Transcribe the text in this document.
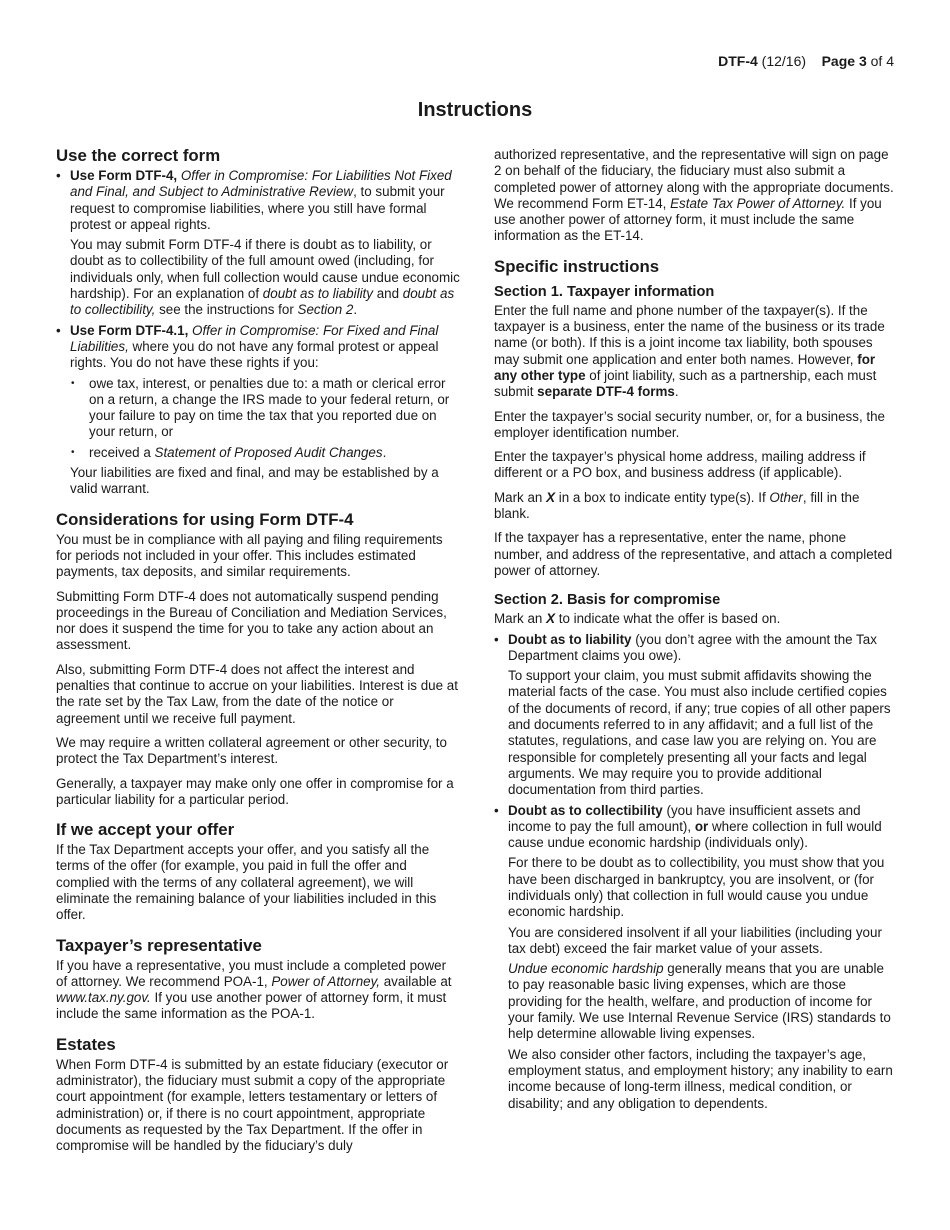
DTF-4 (12/16) Page 3 of 4
Instructions
Use the correct form

• Use Form DTF-4, Offer in Compromise: For Liabilities Not Fixed and Final, and Subject to Administrative Review, to submit your request to compromise liabilities, where you still have formal protest or appeal rights.

You may submit Form DTF-4 if there is doubt as to liability, or doubt as to collectibility of the full amount owed (including, for individuals only, when full collection would cause undue economic hardship). For an explanation of doubt as to liability and doubt as to collectibility, see the instructions for Section 2.

• Use Form DTF-4.1, Offer in Compromise: For Fixed and Final Liabilities, where you do not have any formal protest or appeal rights. You do not have these rights if you:

• owe tax, interest, or penalties due to: a math or clerical error on a return, a change the IRS made to your federal return, or your failure to pay on time the tax that you reported due on your return, or

• received a Statement of Proposed Audit Changes.

Your liabilities are fixed and final, and may be established by a valid warrant.

Considerations for using Form DTF-4

You must be in compliance with all paying and filing requirements for periods not included in your offer. This includes estimated payments, tax deposits, and similar requirements.

Submitting Form DTF-4 does not automatically suspend pending proceedings in the Bureau of Conciliation and Mediation Services, nor does it suspend the time for you to take any action about an assessment.

Also, submitting Form DTF-4 does not affect the interest and penalties that continue to accrue on your liabilities. Interest is due at the rate set by the Tax Law, from the date of the notice or agreement until we receive full payment.

We may require a written collateral agreement or other security, to protect the Tax Department’s interest.

Generally, a taxpayer may make only one offer in compromise for a particular liability for a particular period.

If we accept your offer

If the Tax Department accepts your offer, and you satisfy all the terms of the offer (for example, you paid in full the offer and complied with the terms of any collateral agreement), we will eliminate the remaining balance of your liabilities included in this offer.

Taxpayer’s representative

If you have a representative, you must include a completed power of attorney. We recommend POA-1, Power of Attorney, available at www.tax.ny.gov. If you use another power of attorney form, it must include the same information as the POA-1.

Estates

When Form DTF-4 is submitted by an estate fiduciary (executor or administrator), the fiduciary must submit a copy of the appropriate court appointment (for example, letters testamentary or letters of administration) or, if there is no court appointment, appropriate documents as requested by the Tax Department. If the offer in compromise will be handled by the fiduciary’s duly

authorized representative, and the representative will sign on page 2 on behalf of the fiduciary, the fiduciary must also submit a completed power of attorney along with the appropriate documents. We recommend Form ET-14, Estate Tax Power of Attorney. If you use another power of attorney form, it must include the same information as the ET-14.

Specific instructions
Section 1. Taxpayer information

Enter the full name and phone number of the taxpayer(s). If the taxpayer is a business, enter the name of the business or its trade name (or both). If this is a joint income tax liability, both spouses may submit one application and enter both names. However, for any other type of joint liability, such as a partnership, each must submit separate DTF-4 forms.

Enter the taxpayer’s social security number, or, for a business, the employer identification number.

Enter the taxpayer’s physical home address, mailing address if different or a PO box, and business address (if applicable).

Mark an X in a box to indicate entity type(s). If Other, fill in the blank.

If the taxpayer has a representative, enter the name, phone number, and address of the representative, and attach a completed power of attorney.

Section 2. Basis for compromise

Mark an X to indicate what the offer is based on.

• Doubt as to liability (you don’t agree with the amount the Tax Department claims you owe).

To support your claim, you must submit affidavits showing the material facts of the case. You must also include certified copies of the documents of record, if any; true copies of all other papers and documents referred to in any affidavit; and a full list of the statutes, regulations, and case law you are relying on. You are responsible for completely presenting all your facts and legal arguments. We may require you to provide additional documentation from third parties.

• Doubt as to collectibility (you have insufficient assets and income to pay the full amount), or where collection in full would cause undue economic hardship (individuals only).

For there to be doubt as to collectibility, you must show that you have been discharged in bankruptcy, you are insolvent, or (for individuals only) that collection in full would cause you undue economic hardship.

You are considered insolvent if all your liabilities (including your tax debt) exceed the fair market value of your assets.

Undue economic hardship generally means that you are unable to pay reasonable basic living expenses, which are those providing for the health, welfare, and production of income for your family. We use Internal Revenue Service (IRS) standards to help determine allowable living expenses.

We also consider other factors, including the taxpayer’s age, employment status, and employment history; any inability to earn income because of long-term illness, medical condition, or disability; and any obligation to dependents.
